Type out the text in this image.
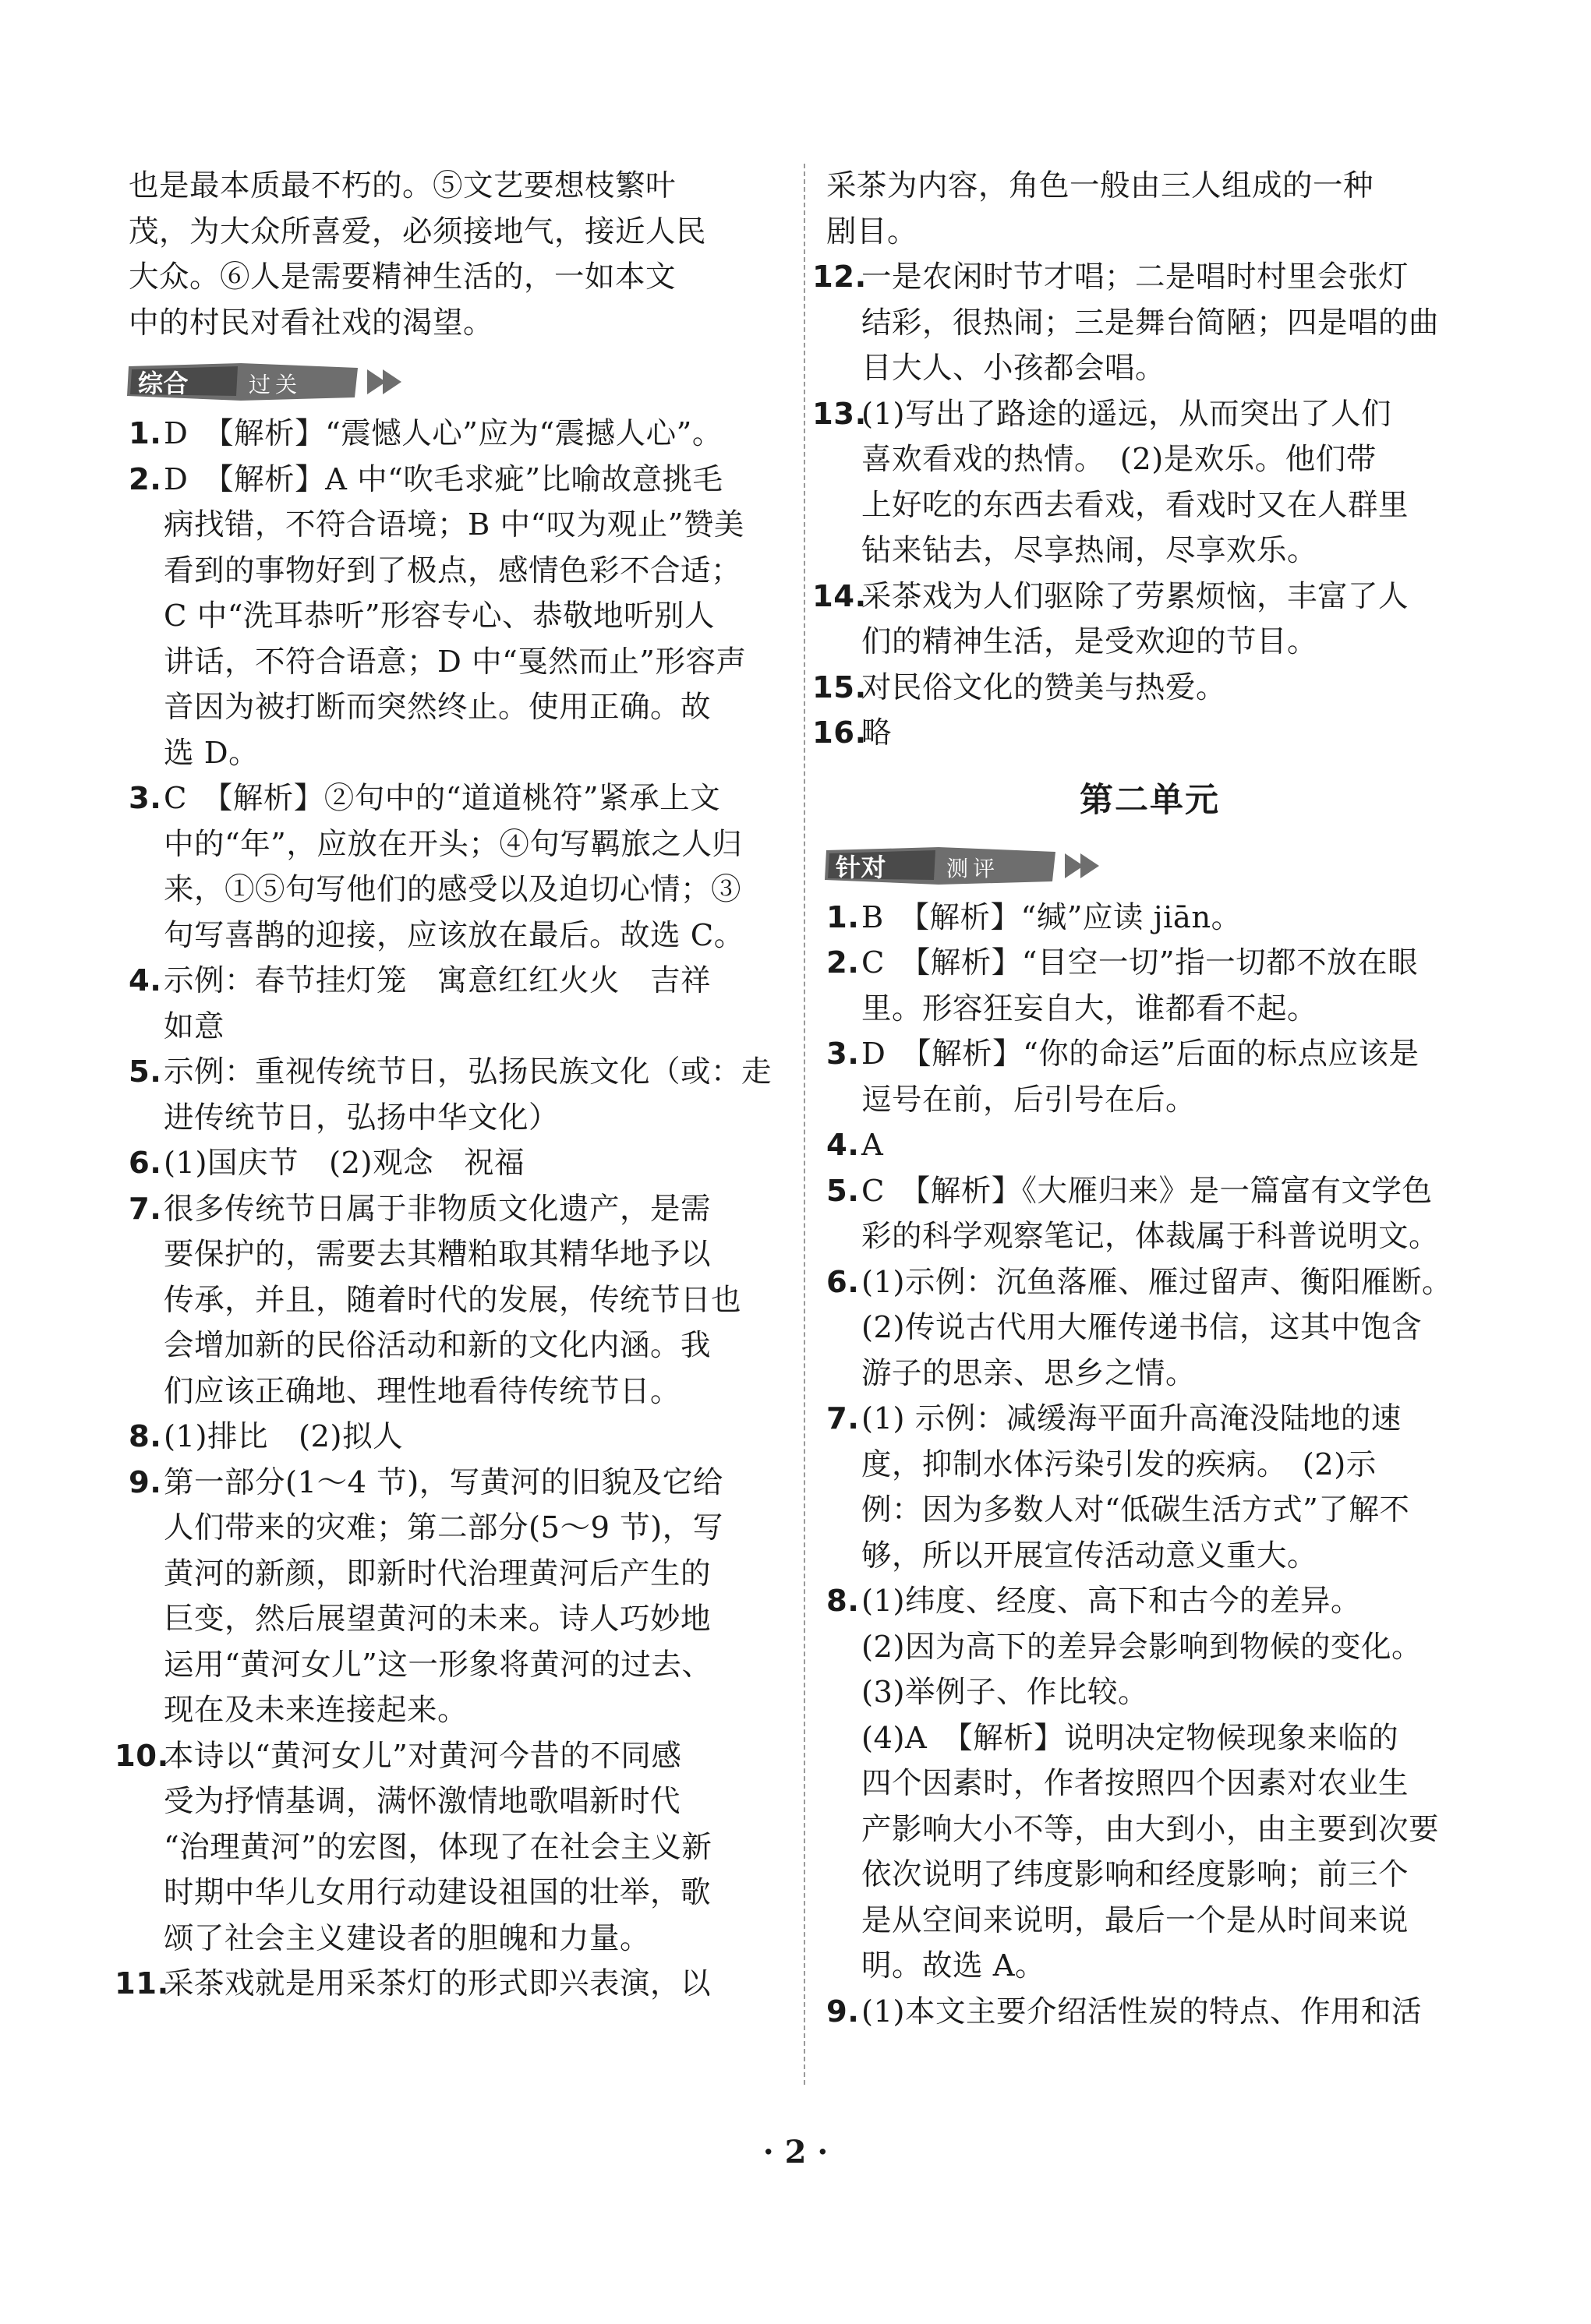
也是最本质最不朽的。⑤文艺要想枝繁叶

茂，为大众所喜爱，必须接地气，接近人民

大众。⑥人是需要精神生活的，一如本文

中的村民对看社戏的渴望。

综合	过关
1. D　【解析】“震憾人心”应为“震撼人心”。

2. D　【解析】A 中“吹毛求疵”比喻故意挑毛

病找错，不符合语境；B 中“叹为观止”赞美

看到的事物好到了极点，感情色彩不合适；

C 中“洗耳恭听”形容专心、恭敬地听别人

讲话，不符合语意；D 中“戛然而止”形容声

音因为被打断而突然终止。使用正确。故

选 D。

3. C　【解析】②句中的“道道桃符”紧承上文

中的“年”，应放在开头；④句写羁旅之人归

来，①⑤句写他们的感受以及迫切心情；③

句写喜鹊的迎接，应该放在最后。故选 C。

4. 示例：春节挂灯笼　寓意红红火火　吉祥

如意

5. 示例：重视传统节日，弘扬民族文化（或：走

进传统节日，弘扬中华文化）

6. (1)国庆节　(2)观念　祝福

7. 很多传统节日属于非物质文化遗产，是需

要保护的，需要去其糟粕取其精华地予以

传承，并且，随着时代的发展，传统节日也

会增加新的民俗活动和新的文化内涵。我

们应该正确地、理性地看待传统节日。

8. (1)排比　(2)拟人

9. 第一部分(1～4 节)，写黄河的旧貌及它给

人们带来的灾难；第二部分(5～9 节)，写

黄河的新颜，即新时代治理黄河后产生的

巨变，然后展望黄河的未来。诗人巧妙地

运用“黄河女儿”这一形象将黄河的过去、

现在及未来连接起来。

10.

本诗以“黄河女儿”对黄河今昔的不同感

受为抒情基调，满怀激情地歌唱新时代

“治理黄河”的宏图，体现了在社会主义新

时期中华儿女用行动建设祖国的壮举，歌

颂了社会主义建设者的胆魄和力量。

11.

采茶戏就是用采茶灯的形式即兴表演，以

采茶为内容，角色一般由三人组成的一种

剧目。

12.

一是农闲时节才唱；二是唱时村里会张灯

结彩，很热闹；三是舞台简陋；四是唱的曲

目大人、小孩都会唱。

13.

(1)写出了路途的遥远，从而突出了人们

喜欢看戏的热情。　(2)是欢乐。他们带

上好吃的东西去看戏，看戏时又在人群里

钻来钻去，尽享热闹，尽享欢乐。

14.

采茶戏为人们驱除了劳累烦恼，丰富了人

们的精神生活，是受欢迎的节目。

15.

对民俗文化的赞美与热爱。

16.

略

第二单元
针对	测评
1. B　【解析】“缄”应读 jiān。

2. C　【解析】“目空一切”指一切都不放在眼

里。形容狂妄自大，谁都看不起。

3. D　【解析】“你的命运”后面的标点应该是

逗号在前，后引号在后。

4. A

5. C　【解析】《大雁归来》是一篇富有文学色

彩的科学观察笔记，体裁属于科普说明文。

6. (1)示例：沉鱼落雁、雁过留声、衡阳雁断。

(2)传说古代用大雁传递书信，这其中饱含

游子的思亲、思乡之情。

7. (1) 示例：减缓海平面升高淹没陆地的速

度，抑制水体污染引发的疾病。　(2)示

例：因为多数人对“低碳生活方式”了解不

够，所以开展宣传活动意义重大。

8. (1)纬度、经度、高下和古今的差异。

(2)因为高下的差异会影响到物候的变化。

(3)举例子、作比较。

(4)A　【解析】说明决定物候现象来临的

四个因素时，作者按照四个因素对农业生

产影响大小不等，由大到小，由主要到次要

依次说明了纬度影响和经度影响；前三个

是从空间来说明，最后一个是从时间来说

明。故选 A。

9. (1)本文主要介绍活性炭的特点、作用和活

· 2 ·
